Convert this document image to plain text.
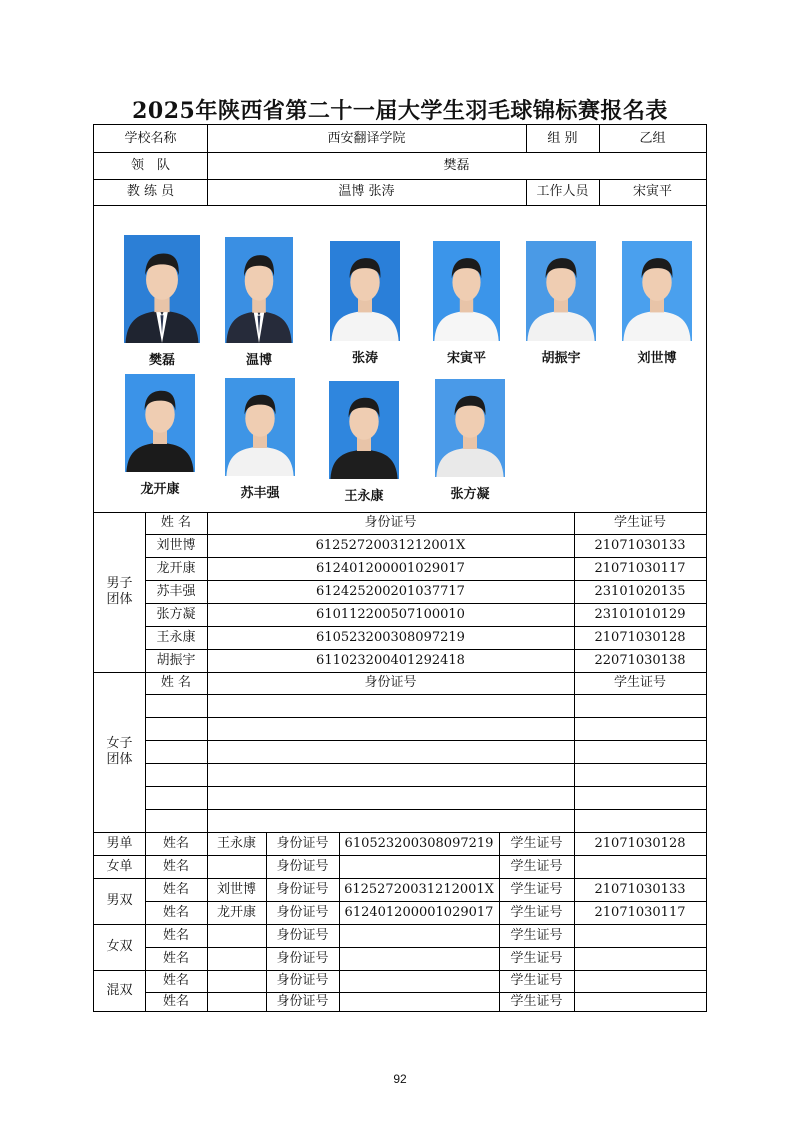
2025年陕西省第二十一届大学生羽毛球锦标赛报名表
学校名称	西安翻译学院	组 别	乙组
领　队	樊磊
教 练 员	温博 张涛	工作人员	宋寅平
樊磊	温博	张涛	宋寅平	胡振宇	刘世博
龙开康	苏丰强	王永康	张方凝
男子
团体
姓 名	身份证号	学生证号
刘世博	61252720031212001X	21071030133
龙开康	612401200001029017	21071030117
苏丰强	612425200201037717	23101020135
张方凝	610112200507100010	23101010129
王永康	610523200308097219	21071030128
胡振宇	611023200401292418	22071030138
女子
团体
姓 名	身份证号	学生证号
男单	姓名	王永康	身份证号	610523200308097219	学生证号	21071030128
女单	姓名	身份证号	学生证号
男双
姓名	刘世博	身份证号	61252720031212001X	学生证号	21071030133
姓名	龙开康	身份证号	612401200001029017	学生证号	21071030117
女双
姓名	身份证号	学生证号
姓名	身份证号	学生证号
混双
姓名	身份证号	学生证号
姓名	身份证号	学生证号
92
